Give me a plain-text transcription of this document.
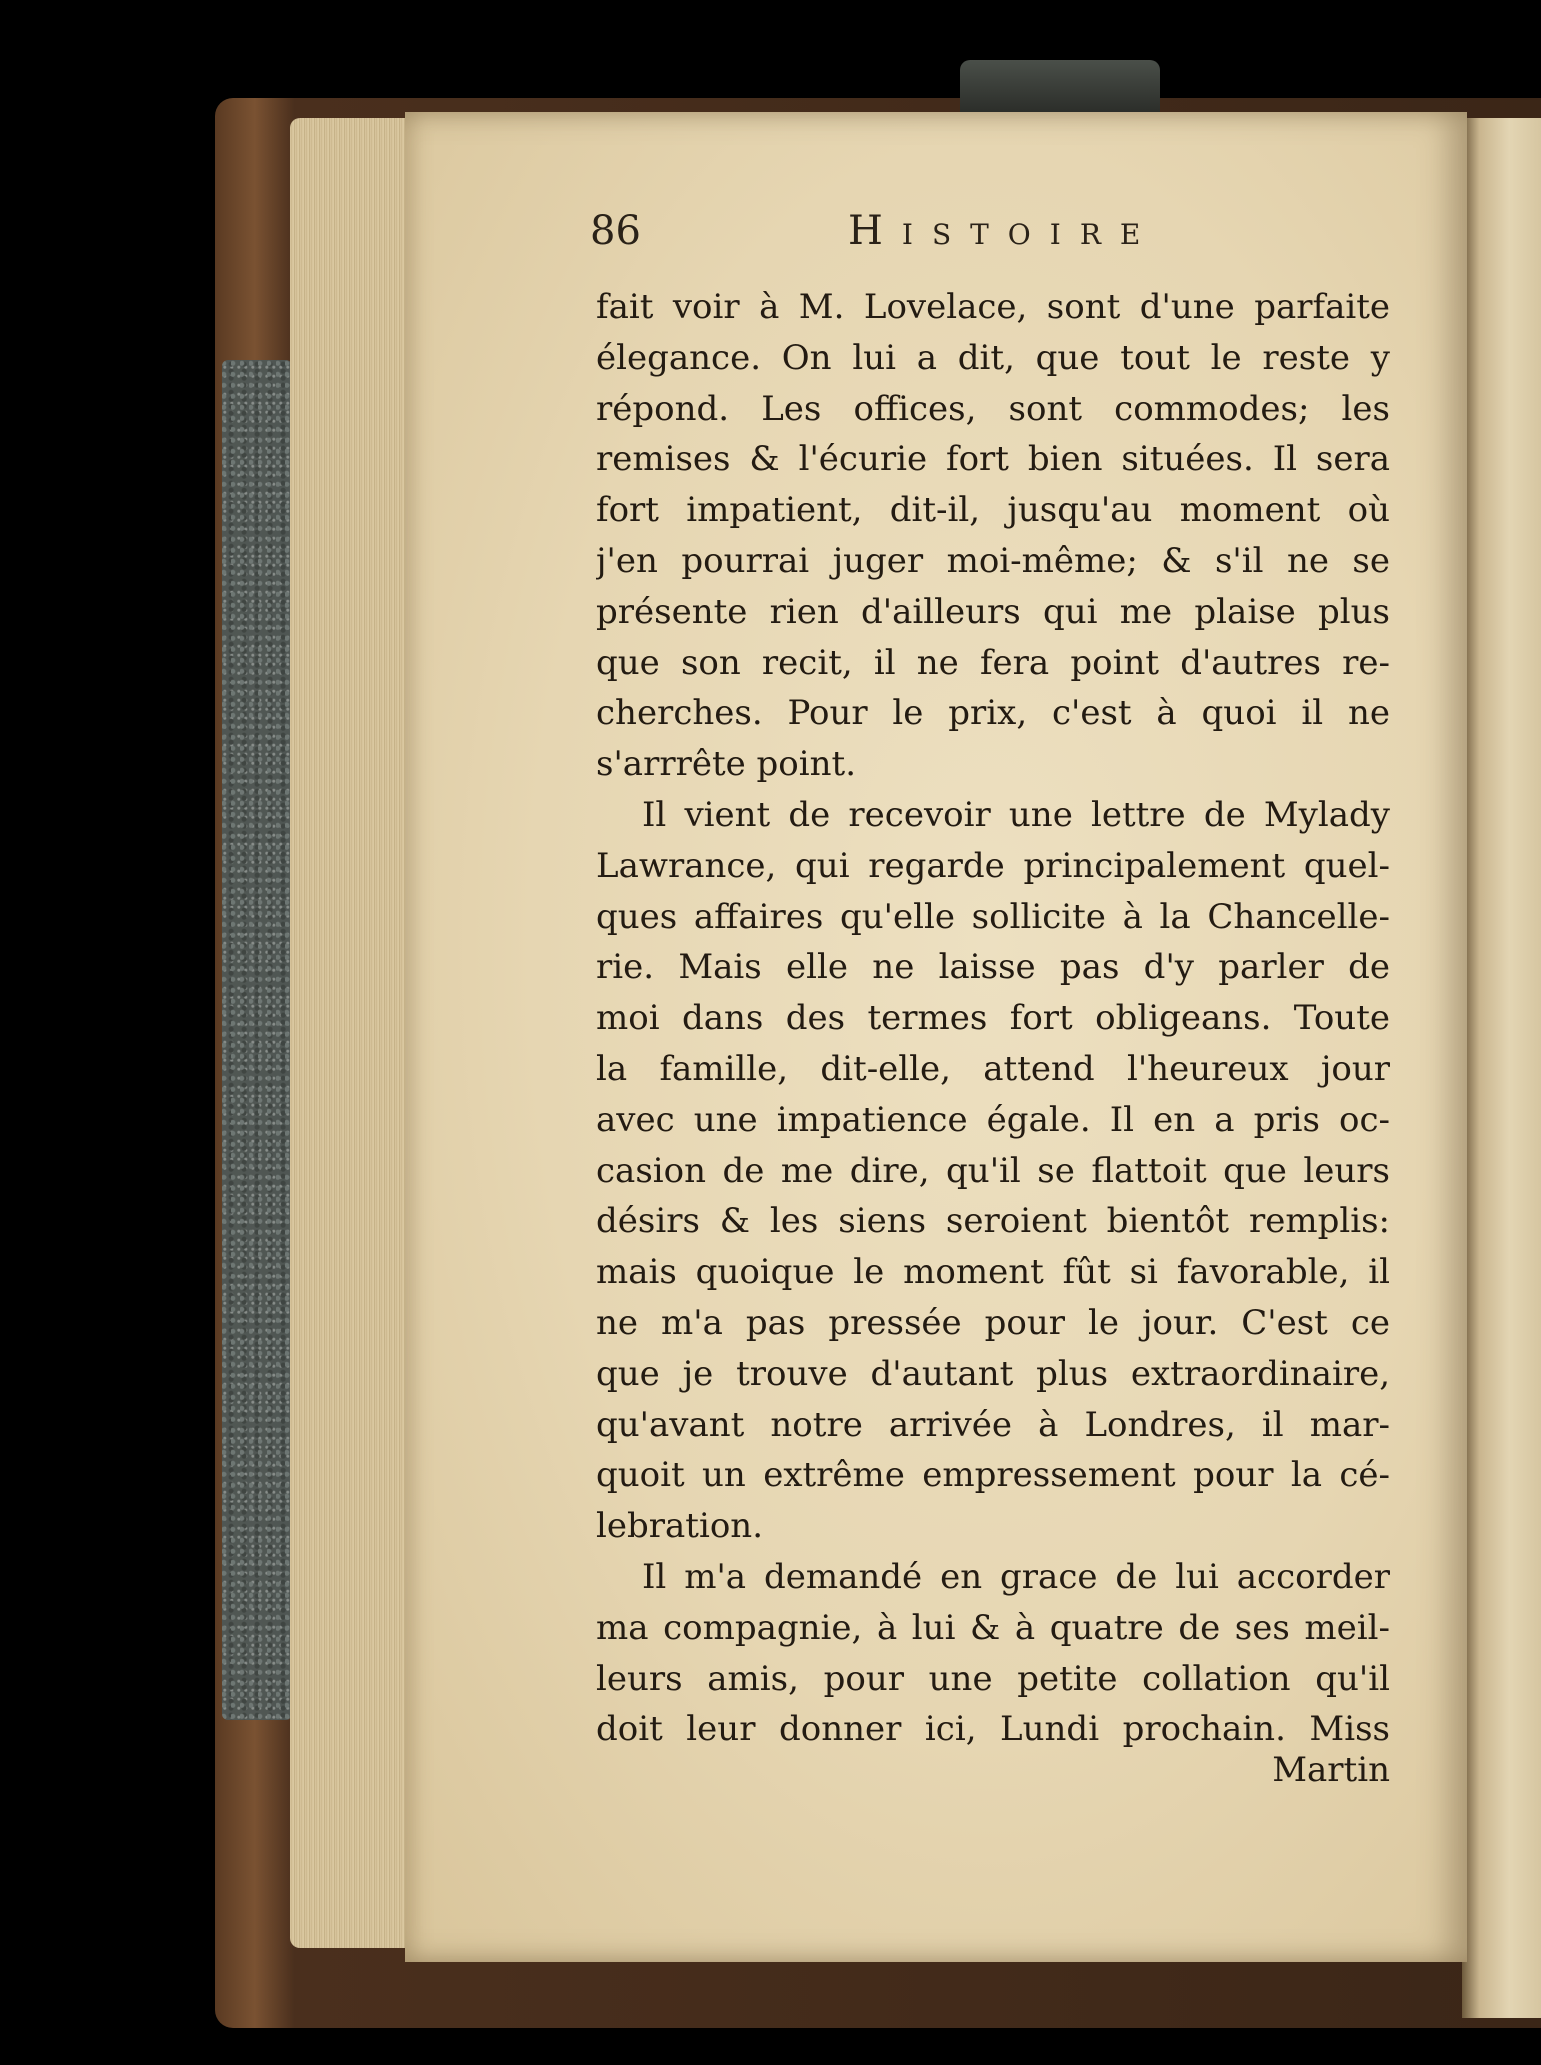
86	Histoire
fait voir à M. Lovelace, sont d'une parfaite
élegance. On lui a dit, que tout le reste y
répond. Les offices, sont commodes; les
remises & l'écurie fort bien situées. Il sera
fort impatient, dit-il, jusqu'au moment où
j'en pourrai juger moi-même; & s'il ne se
présente rien d'ailleurs qui me plaise plus
que son recit, il ne fera point d'autres re-
cherches. Pour le prix, c'est à quoi il ne
s'arrrête point.
Il vient de recevoir une lettre de Mylady
Lawrance, qui regarde principalement quel-
ques affaires qu'elle sollicite à la Chancelle-
rie. Mais elle ne laisse pas d'y parler de
moi dans des termes fort obligeans. Toute
la famille, dit-elle, attend l'heureux jour
avec une impatience égale. Il en a pris oc-
casion de me dire, qu'il se flattoit que leurs
désirs & les siens seroient bientôt remplis:
mais quoique le moment fût si favorable, il
ne m'a pas pressée pour le jour. C'est ce
que je trouve d'autant plus extraordinaire,
qu'avant notre arrivée à Londres, il mar-
quoit un extrême empressement pour la cé-
lebration.
Il m'a demandé en grace de lui accorder
ma compagnie, à lui & à quatre de ses meil-
leurs amis, pour une petite collation qu'il
doit leur donner ici, Lundi prochain. Miss
Martin
